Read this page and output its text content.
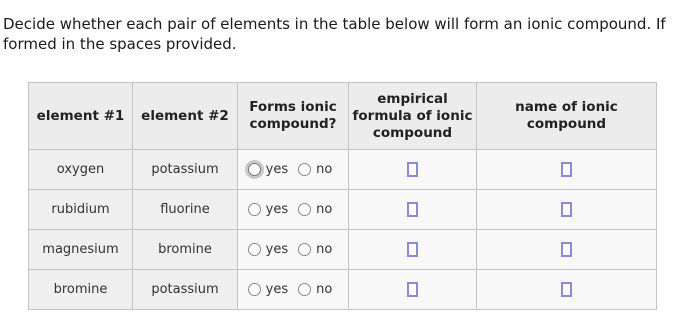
Decide whether each pair of elements in the table below will form an ionic compound. If
formed in the spaces provided.
element #1	element #2	Forms ionic compound?	empirical formula of ionic compound	name of ionic compound
oxygen	potassium	yes no		

rubidium	fluorine	yes no		

magnesium	bromine	yes no		

bromine	potassium	yes no		
